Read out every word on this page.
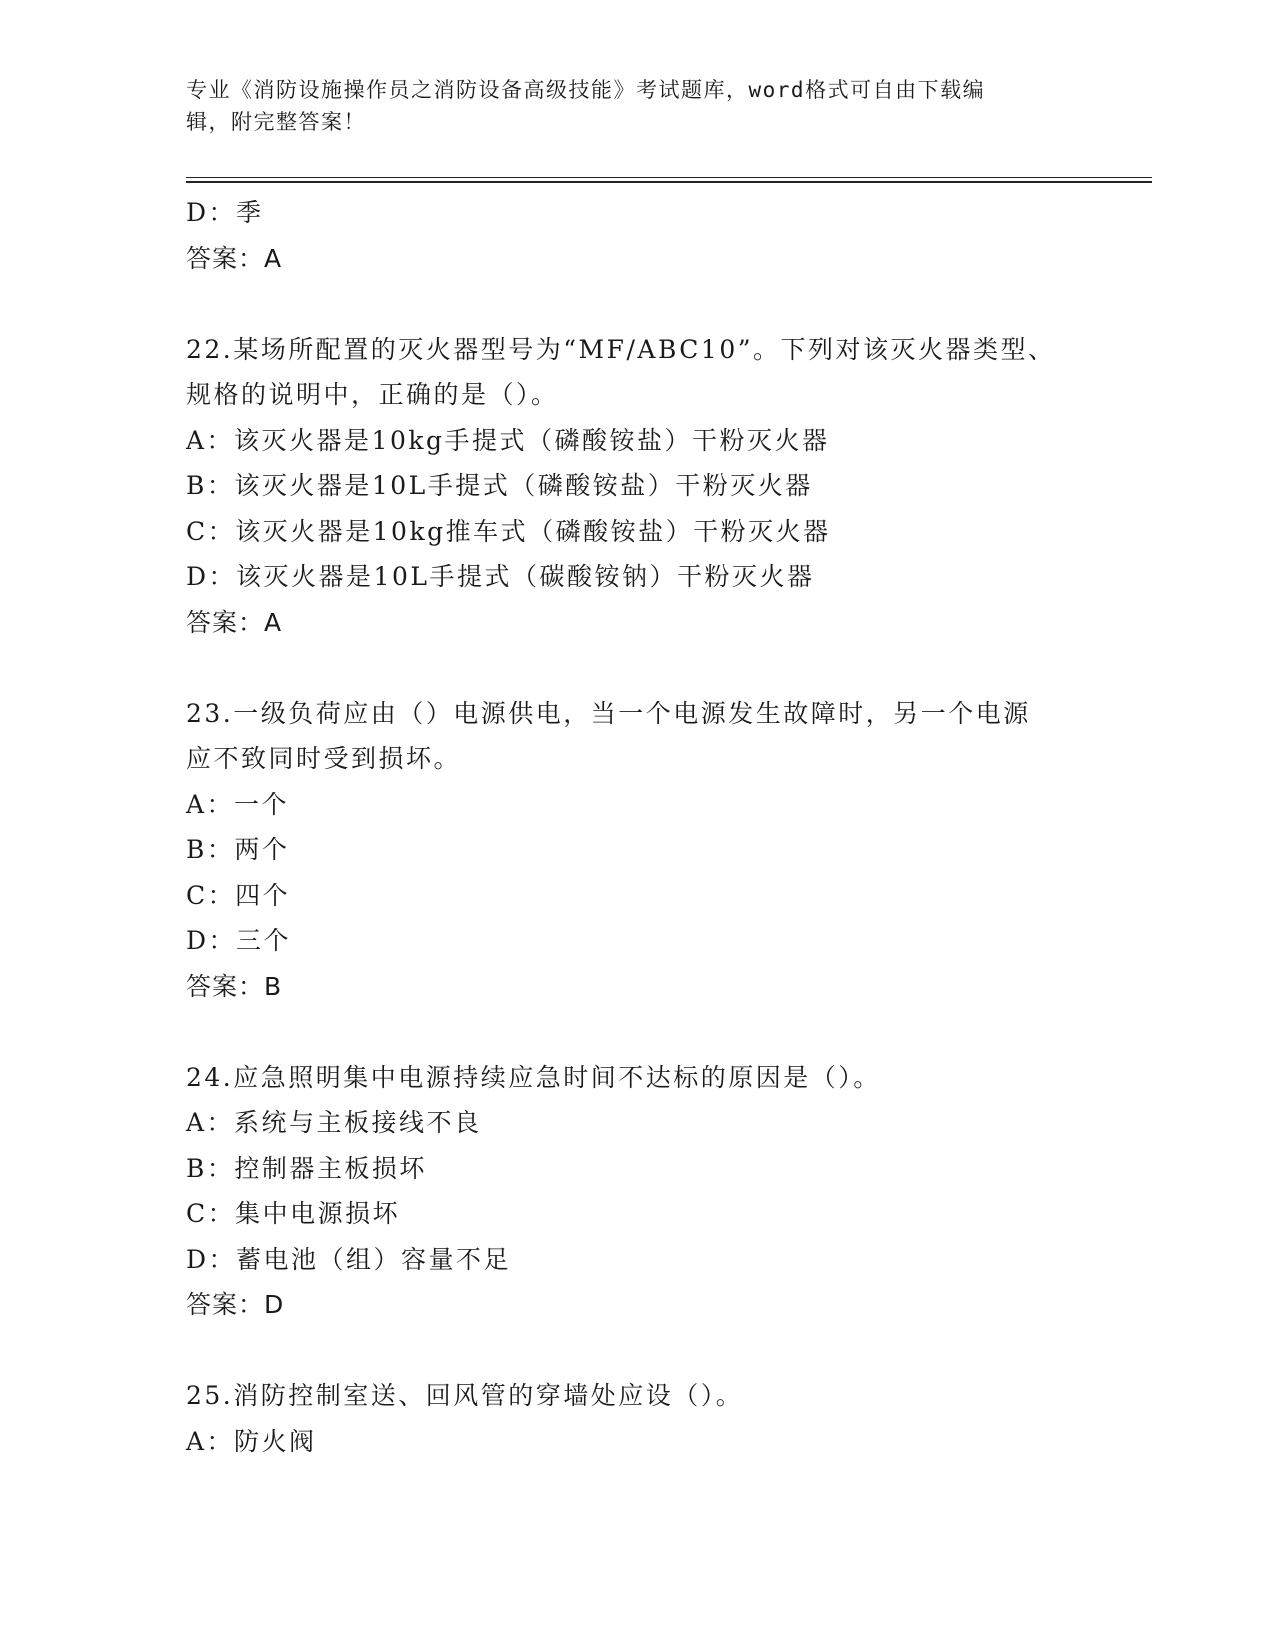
专业《消防设施操作员之消防设备高级技能》考试题库，word格式可自由下载编
辑，附完整答案！
D：季
答案：A
22.某场所配置的灭火器型号为“MF/ABC10”。下列对该灭火器类型、
规格的说明中，正确的是（）。
A：该灭火器是10kg手提式（磷酸铵盐）干粉灭火器
B：该灭火器是10L手提式（磷酸铵盐）干粉灭火器
C：该灭火器是10kg推车式（磷酸铵盐）干粉灭火器
D：该灭火器是10L手提式（碳酸铵钠）干粉灭火器
答案：A
23.一级负荷应由（）电源供电，当一个电源发生故障时，另一个电源
应不致同时受到损坏。
A：一个
B：两个
C：四个
D：三个
答案：B
24.应急照明集中电源持续应急时间不达标的原因是（）。
A：系统与主板接线不良
B：控制器主板损坏
C：集中电源损坏
D：蓄电池（组）容量不足
答案：D
25.消防控制室送、回风管的穿墙处应设（）。
A：防火阀
